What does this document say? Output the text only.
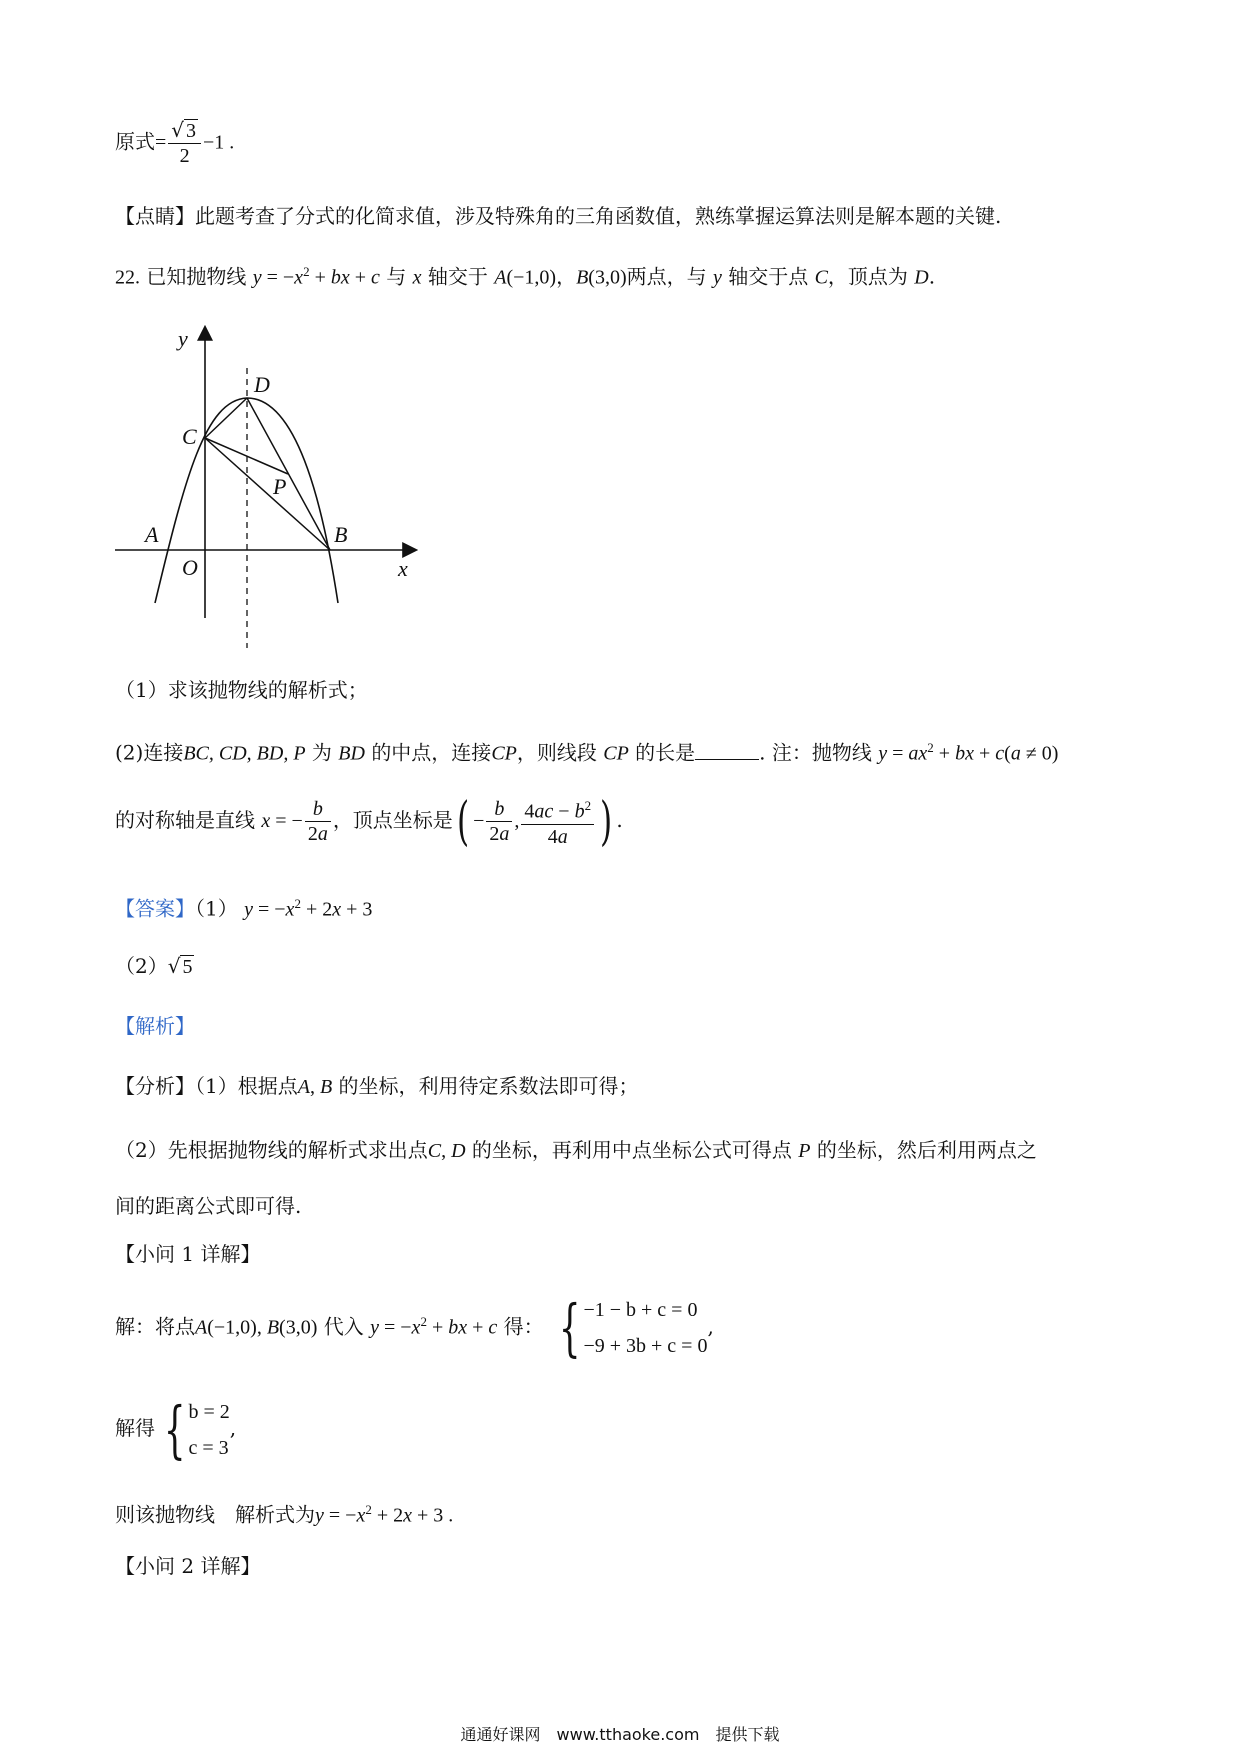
原式= $\frac{√ 3}{2} -1$ .
【点睛】此题考查了分式的化简求值，涉及特殊角的三角函数值，熟练掌握运算法则是解本题的关键.
22. 已知抛物线 $y = -x^2$ + bx + c 与 x 轴交于 A(−1,0)，B(3,0)两点，与 y 轴交于点 C，顶点为 D.
y
x
O
A	B
C
D
P
（1）求该抛物线的解析式；
(2)连接BC, CD, BD, P 为 BD 的中点，连接CP，则线段 CP 的长是	. 注：抛物线 $y = ax^2$ + bx + c(a ≠ 0)
的对称轴是直线 x = − $\frac{b}{2a}$ ，顶点坐标是( − $\frac{b}{2a}$ , $\frac{4ac - b^2}{4a}$ ) .
【答案】（1） $y = -x^2 + 2x + 3$
（2）√ 5
【解析】
【分析】（1）根据点A, B 的坐标，利用待定系数法即可得；
（2）先根据抛物线的解析式求出点C, D 的坐标，再利用中点坐标公式可得点 P 的坐标，然后利用两点之
间的距离公式即可得.
【小问 1 详解】
解：将点A(−1,0), B(3,0) 代入 $y = -x^2$ + bx + c 得： { −1 − b + c = 0
−9 + 3b + c = 0
,
解得 { b = 2
c = 3
,
则该抛物线　解析式为$y = -x^2 + 2x + 3$ .
【小问 2 详解】
通通好课网　www.tthaoke.com　提供下载
